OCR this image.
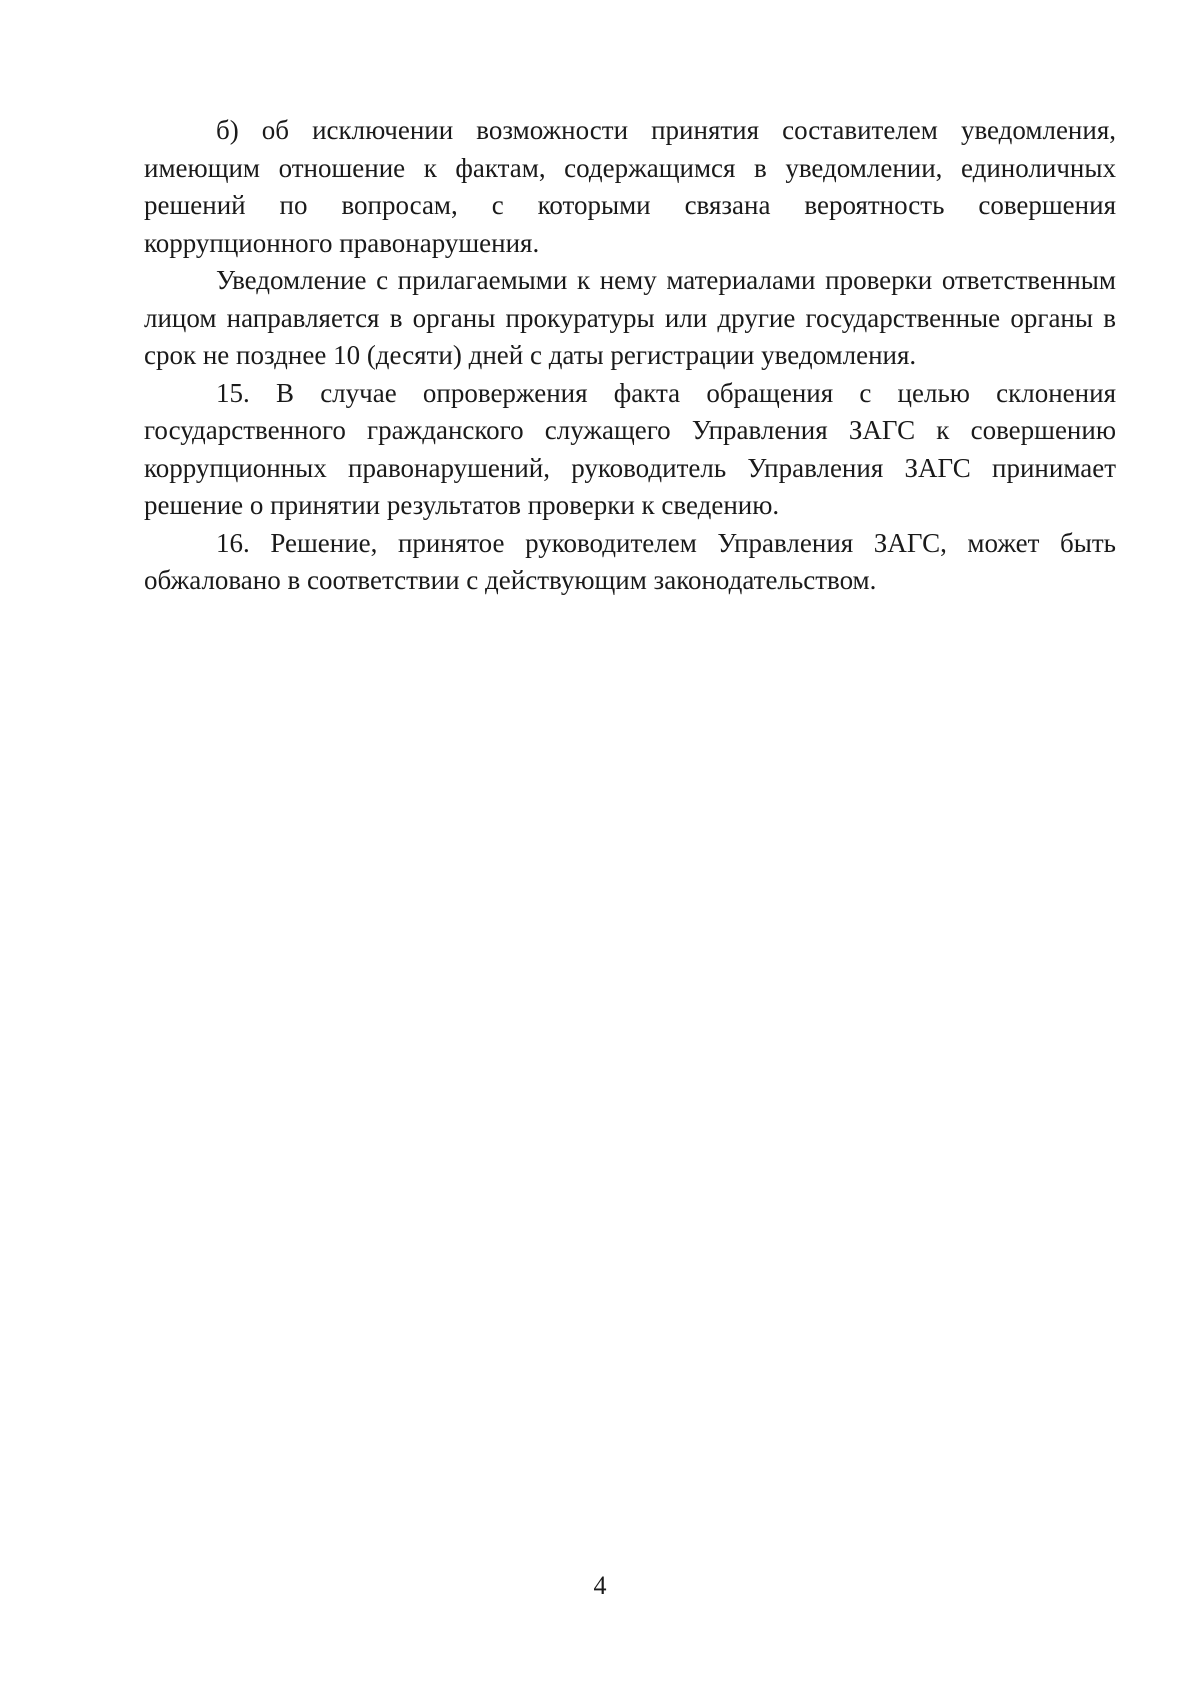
б) об исключении возможности принятия составителем уведомления, имеющим отношение к фактам, содержащимся в уведомлении, единоличных решений по вопросам, с которыми связана вероятность совершения коррупционного правонарушения.

Уведомление с прилагаемыми к нему материалами проверки ответственным лицом направляется в органы прокуратуры или другие государственные органы в срок не позднее 10 (десяти) дней с даты регистрации уведомления.

15. В случае опровержения факта обращения с целью склонения государственного гражданского служащего Управления ЗАГС к совершению коррупционных правонарушений, руководитель Управления ЗАГС принимает решение о принятии результатов проверки к сведению.

16. Решение, принятое руководителем Управления ЗАГС, может быть обжаловано в соответствии с действующим законодательством.

4
